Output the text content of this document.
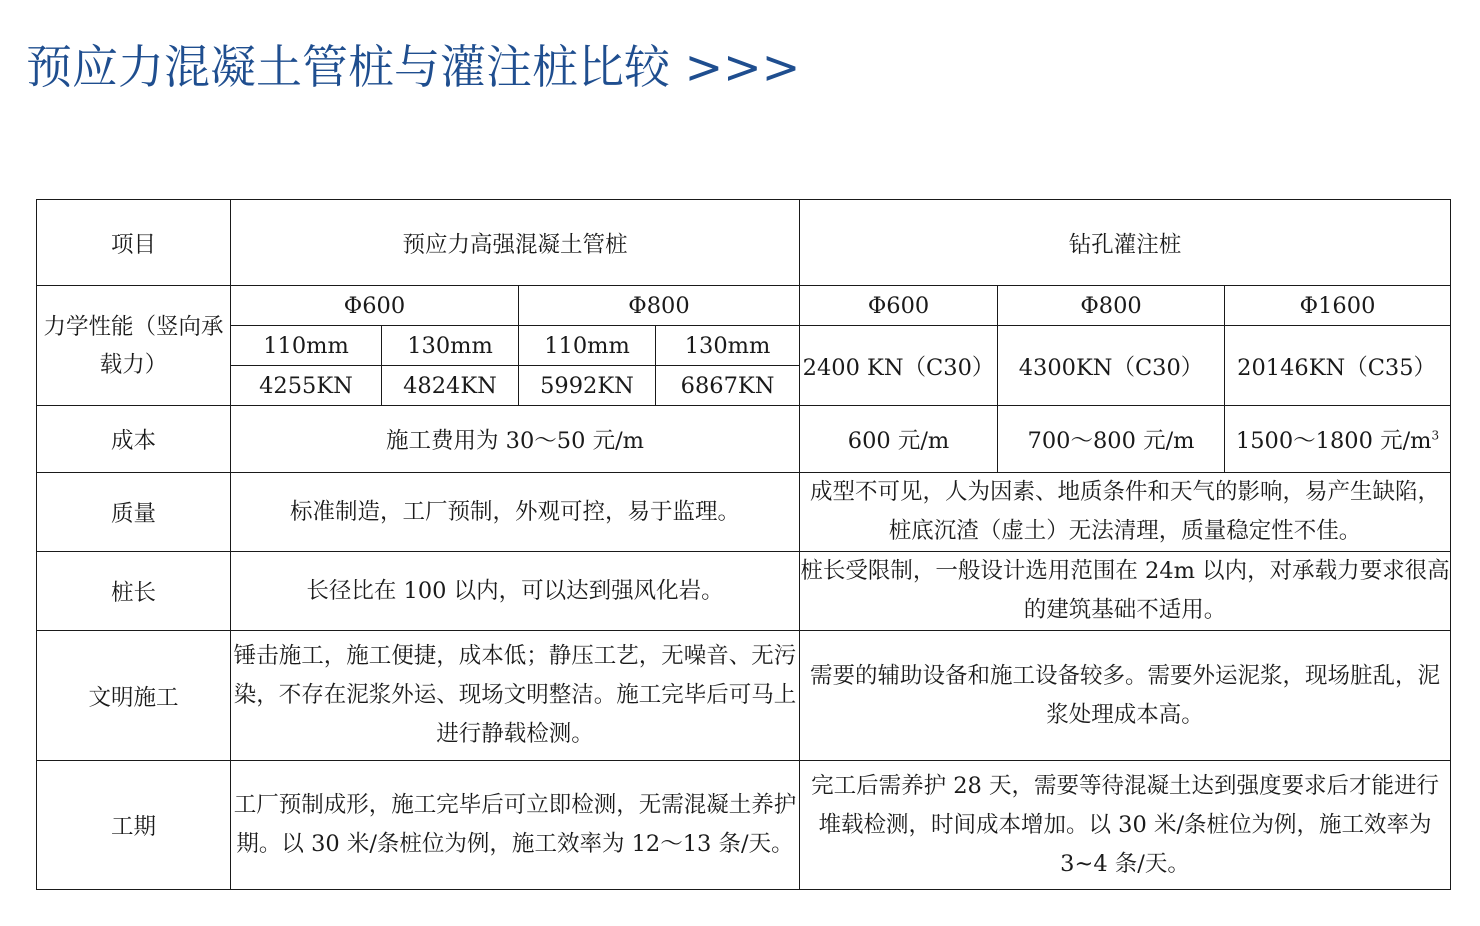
预应力混凝土管桩与灌注桩比较 >>>
项目	预应力高强混凝土管桩				钻孔灌注桩		
力学性能（竖向承载力）	Φ600		Φ800		Φ600	Φ800	Φ1600
	110mm	130mm	110mm	130mm	2400 KN（C30）	4300KN（C30）	20146KN（C35）
	4255KN	4824KN	5992KN	6867KN			
成本	施工费用为 30～50 元/m				600 元/m	700～800 元/m	1500～1800 元$/m^3$
质量	标准制造，工厂预制，外观可控，易于监理。				成型不可见，人为因素、地质条件和天气的影响，易产生缺陷，桩底沉渣（虚土）无法清理，质量稳定性不佳。		
桩长	长径比在 100 以内，可以达到强风化岩。				桩长受限制，一般设计选用范围在 24m 以内，对承载力要求很高的建筑基础不适用。		
文明施工	锤击施工，施工便捷，成本低；静压工艺，无噪音、无污染，不存在泥浆外运、现场文明整洁。施工完毕后可马上进行静载检测。				需要的辅助设备和施工设备较多。需要外运泥浆，现场脏乱，泥浆处理成本高。		
工期	工厂预制成形，施工完毕后可立即检测，无需混凝土养护期。以 30 米/条桩位为例，施工效率为 12～13 条/天。				完工后需养护 28 天，需要等待混凝土达到强度要求后才能进行堆载检测，时间成本增加。以 30 米/条桩位为例，施工效率为 3~4 条/天。		
